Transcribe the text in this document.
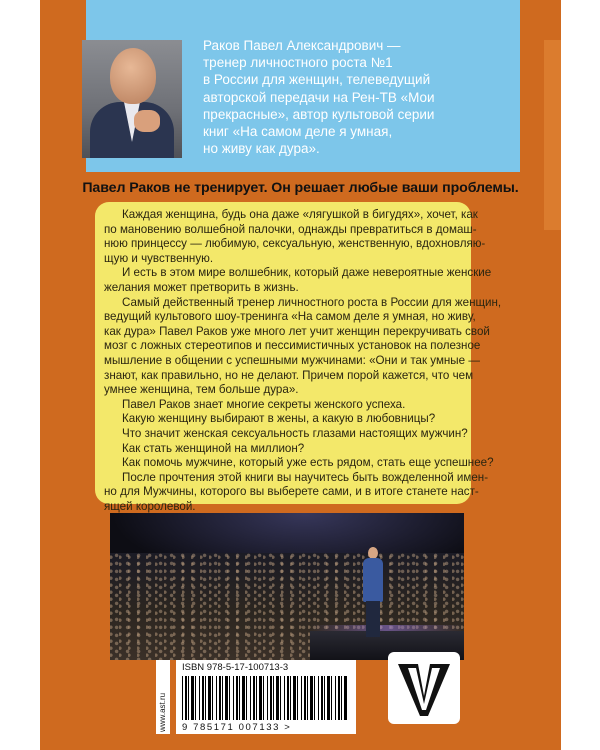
Раков Павел Александрович —
тренер личностного роста №1
в России для женщин, телеведущий
авторской передачи на Рен-ТВ «Мои
прекрасные», автор культовой серии
книг «На самом деле я умная,
но живу как дура».
Павел Раков не тренирует. Он решает любые ваши проблемы.
Каждая женщина, будь она даже «лягушкой в бигудях», хочет, как
по мановению волшебной палочки, однажды превратиться в домаш-
нюю принцессу — любимую, сексуальную, женственную, вдохновляю-
щую и чувственную.
И есть в этом мире волшебник, который даже невероятные женские
желания может претворить в жизнь.
Самый действенный тренер личностного роста в России для женщин,
ведущий культового шоу-тренинга «На самом деле я умная, но живу,
как дура» Павел Раков уже много лет учит женщин перекручивать свой
мозг с ложных стереотипов и пессимистичных установок на полезное
мышление в общении с успешными мужчинами: «Они и так умные —
знают, как правильно, но не делают. Причем порой кажется, что чем
умнее женщина, тем больше дура».
Павел Раков знает многие секреты женского успеха.
Какую женщину выбирают в жены, а какую в любовницы?
Что значит женская сексуальность глазами настоящих мужчин?
Как стать женщиной на миллион?
Как помочь мужчине, который уже есть рядом, стать еще успешнее?
После прочтения этой книги вы научитесь быть вожделенной имен-
но для Мужчины, которого вы выберете сами, и в итоге станете наст-
ящей королевой.
www.ast.ru
ISBN 978-5-17-100713-3
9 785171 007133 >
